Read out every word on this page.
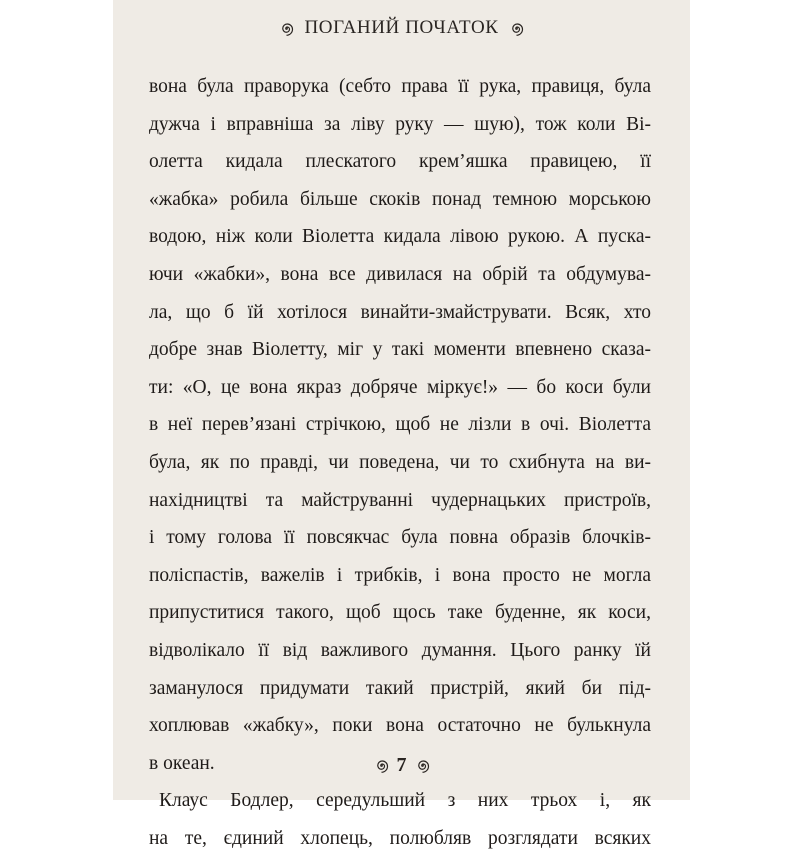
ПОГАНИЙ ПОЧАТОК

вона була праворука (себто права її рука, правиця, була
дужча і вправніша за ліву руку — шую), тож коли Ві-
олетта кидала плескатого крем’яшка правицею, її
«жабка» робила більше скоків понад темною морською
водою, ніж коли Віолетта кидала лівою рукою. А пуска-
ючи «жабки», вона все дивилася на обрій та обдумува-
ла, що б їй хотілося винайти-змайструвати. Всяк, хто
добре знав Віолетту, міг у такі моменти впевнено сказа-
ти: «О, це вона якраз добряче міркує!» — бо коси були
в неї перев’язані стрічкою, щоб не лізли в очі. Віолетта
була, як по правді, чи поведена, чи то схибнута на ви-
нахідництві та майструванні чудернацьких пристроїв,
і тому голова її повсякчас була повна образів блочків-
поліспастів, важелів і трибків, і вона просто не могла
припуститися такого, щоб щось таке буденне, як коси,
відволікало її від важливого думання. Цього ранку їй
заманулося придумати такий пристрій, який би під-
хоплював «жабку», поки вона остаточно не булькнула
в океан.

Клаус Бодлер, середульший з них трьох і, як
на те, єдиний хлопець, полюбляв розглядати всяких

7
